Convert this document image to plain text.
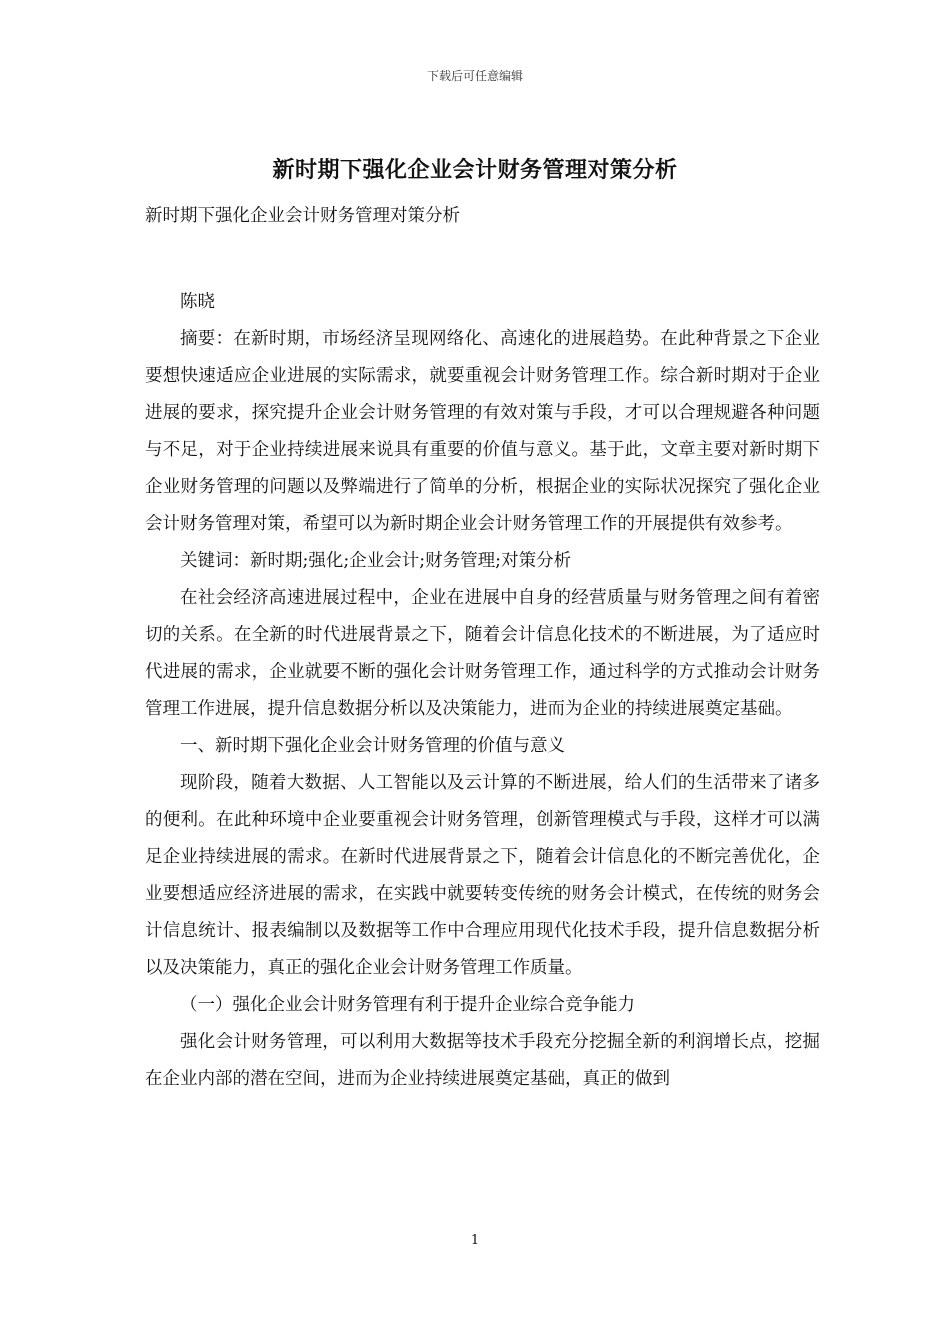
下载后可任意编辑
新时期下强化企业会计财务管理对策分析

新时期下强化企业会计财务管理对策分析

陈晓

摘要：在新时期，市场经济呈现网络化、高速化的进展趋势。在此种背景之下企业要想快速适应企业进展的实际需求，就要重视会计财务管理工作。综合新时期对于企业进展的要求，探究提升企业会计财务管理的有效对策与手段，才可以合理规避各种问题与不足，对于企业持续进展来说具有重要的价值与意义。基于此，文章主要对新时期下企业财务管理的问题以及弊端进行了简单的分析，根据企业的实际状况探究了强化企业会计财务管理对策，希望可以为新时期企业会计财务管理工作的开展提供有效参考。

关键词：新时期;强化;企业会计;财务管理;对策分析

在社会经济高速进展过程中，企业在进展中自身的经营质量与财务管理之间有着密切的关系。在全新的时代进展背景之下，随着会计信息化技术的不断进展，为了适应时代进展的需求，企业就要不断的强化会计财务管理工作，通过科学的方式推动会计财务管理工作进展，提升信息数据分析以及决策能力，进而为企业的持续进展奠定基础。

一、新时期下强化企业会计财务管理的价值与意义

现阶段，随着大数据、人工智能以及云计算的不断进展，给人们的生活带来了诸多的便利。在此种环境中企业要重视会计财务管理，创新管理模式与手段，这样才可以满足企业持续进展的需求。在新时代进展背景之下，随着会计信息化的不断完善优化，企业要想适应经济进展的需求，在实践中就要转变传统的财务会计模式，在传统的财务会计信息统计、报表编制以及数据等工作中合理应用现代化技术手段，提升信息数据分析以及决策能力，真正的强化企业会计财务管理工作质量。

（一）强化企业会计财务管理有利于提升企业综合竞争能力

强化会计财务管理，可以利用大数据等技术手段充分挖掘全新的利润增长点，挖掘在企业内部的潜在空间，进而为企业持续进展奠定基础，真正的做到

1
